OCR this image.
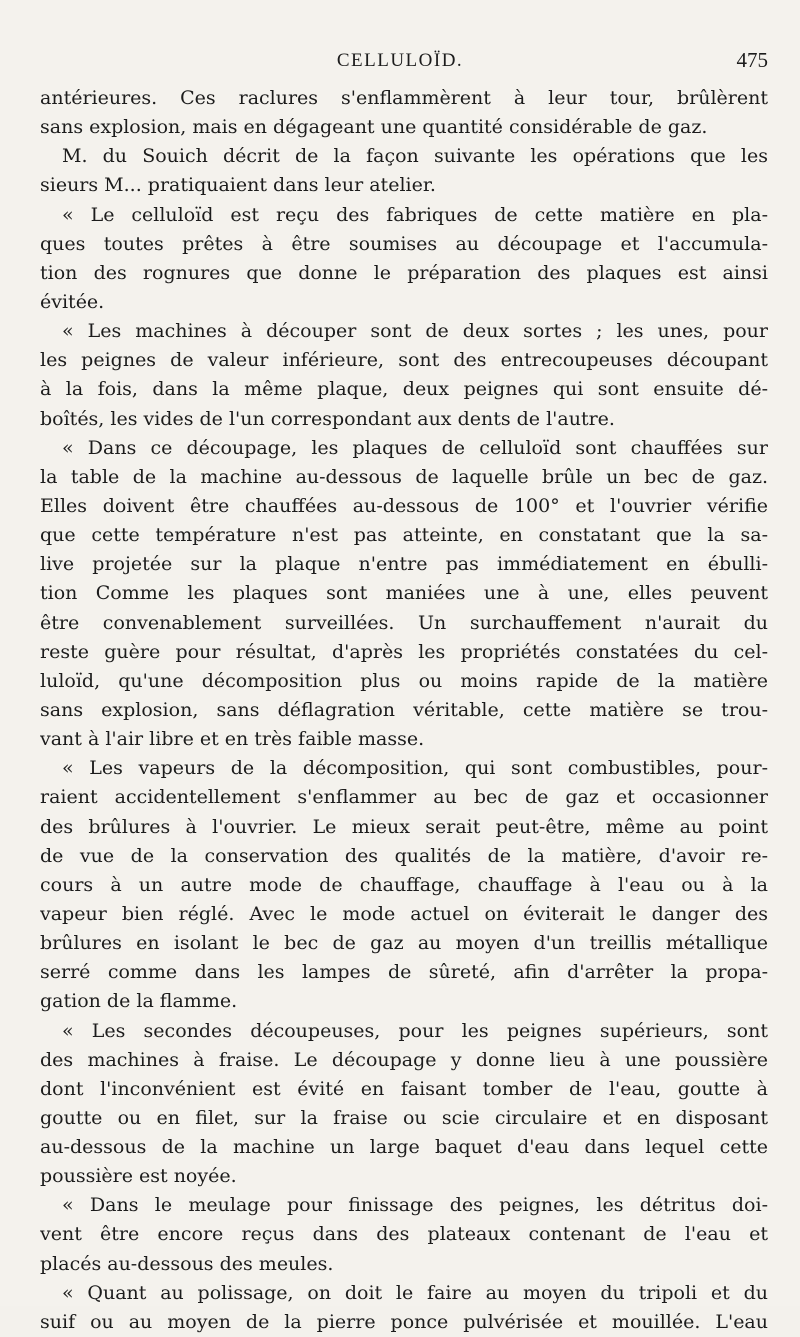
CELLULOÏD.	475
antérieures. Ces raclures s'enflammèrent à leur tour, brûlèrent
sans explosion, mais en dégageant une quantité considérable de gaz.
M. du Souich décrit de la façon suivante les opérations que les
sieurs M... pratiquaient dans leur atelier.
« Le celluloïd est reçu des fabriques de cette matière en pla-
ques toutes prêtes à être soumises au découpage et l'accumula-
tion des rognures que donne le préparation des plaques est ainsi
évitée.
« Les machines à découper sont de deux sortes ; les unes, pour
les peignes de valeur inférieure, sont des entrecoupeuses découpant
à la fois, dans la même plaque, deux peignes qui sont ensuite dé-
boîtés, les vides de l'un correspondant aux dents de l'autre.
« Dans ce découpage, les plaques de celluloïd sont chauffées sur
la table de la machine au-dessous de laquelle brûle un bec de gaz.
Elles doivent être chauffées au-dessous de 100° et l'ouvrier vérifie
que cette température n'est pas atteinte, en constatant que la sa-
live projetée sur la plaque n'entre pas immédiatement en ébulli-
tion Comme les plaques sont maniées une à une, elles peuvent
être convenablement surveillées. Un surchauffement n'aurait du
reste guère pour résultat, d'après les propriétés constatées du cel-
luloïd, qu'une décomposition plus ou moins rapide de la matière
sans explosion, sans déflagration véritable, cette matière se trou-
vant à l'air libre et en très faible masse.
« Les vapeurs de la décomposition, qui sont combustibles, pour-
raient accidentellement s'enflammer au bec de gaz et occasionner
des brûlures à l'ouvrier. Le mieux serait peut-être, même au point
de vue de la conservation des qualités de la matière, d'avoir re-
cours à un autre mode de chauffage, chauffage à l'eau ou à la
vapeur bien réglé. Avec le mode actuel on éviterait le danger des
brûlures en isolant le bec de gaz au moyen d'un treillis métallique
serré comme dans les lampes de sûreté, afin d'arrêter la propa-
gation de la flamme.
« Les secondes découpeuses, pour les peignes supérieurs, sont
des machines à fraise. Le découpage y donne lieu à une poussière
dont l'inconvénient est évité en faisant tomber de l'eau, goutte à
goutte ou en filet, sur la fraise ou scie circulaire et en disposant
au-dessous de la machine un large baquet d'eau dans lequel cette
poussière est noyée.
« Dans le meulage pour finissage des peignes, les détritus doi-
vent être encore reçus dans des plateaux contenant de l'eau et
placés au-dessous des meules.
« Quant au polissage, on doit le faire au moyen du tripoli et du
suif ou au moyen de la pierre ponce pulvérisée et mouillée. L'eau
